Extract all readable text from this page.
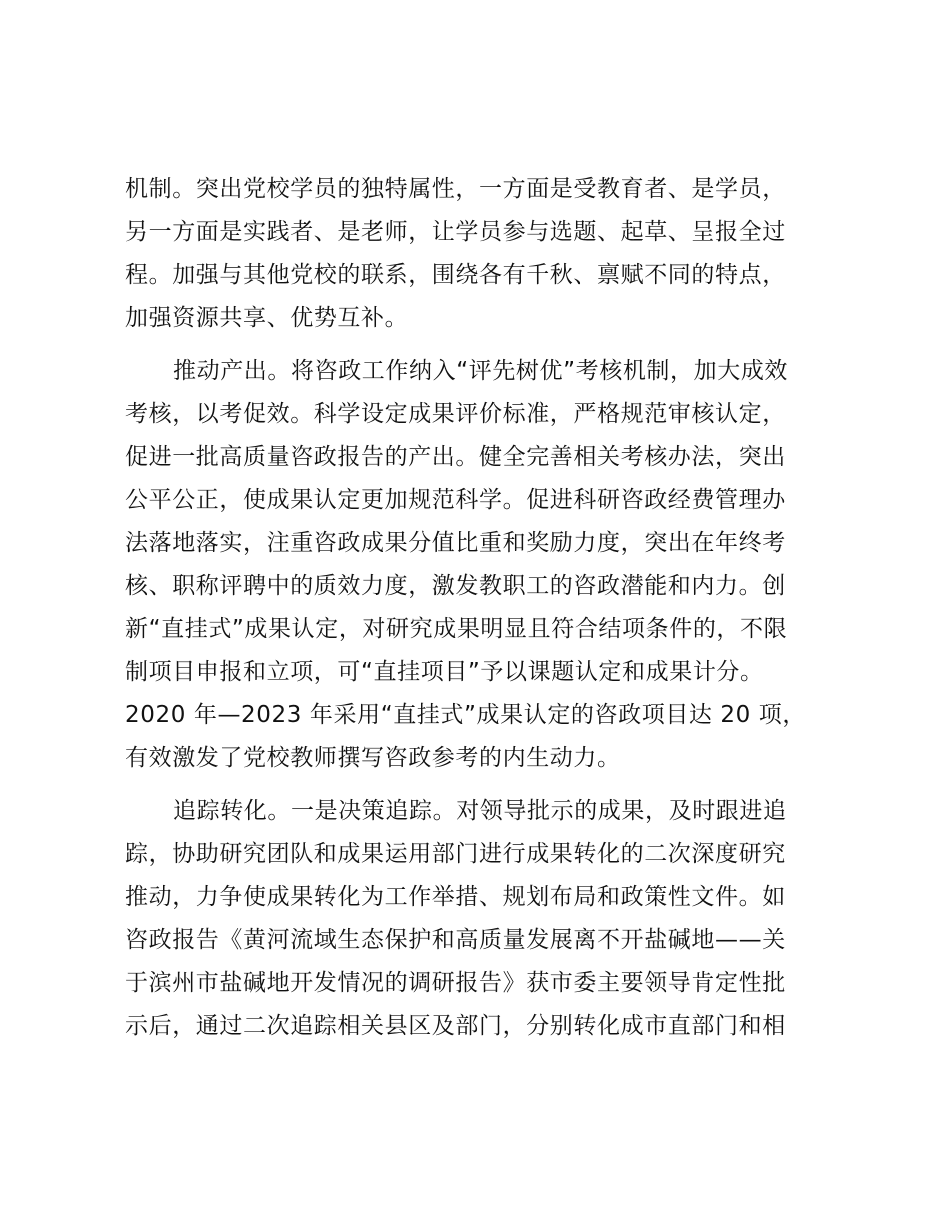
机制。突出党校学员的独特属性，一方面是受教育者、是学员，
另一方面是实践者、是老师，让学员参与选题、起草、呈报全过
程。加强与其他党校的联系，围绕各有千秋、禀赋不同的特点，
加强资源共享、优势互补。

推动产出。将咨政工作纳入“评先树优”考核机制，加大成效
考核，以考促效。科学设定成果评价标准，严格规范审核认定，
促进一批高质量咨政报告的产出。健全完善相关考核办法，突出
公平公正，使成果认定更加规范科学。促进科研咨政经费管理办
法落地落实，注重咨政成果分值比重和奖励力度，突出在年终考
核、职称评聘中的质效力度，激发教职工的咨政潜能和内力。创
新“直挂式”成果认定，对研究成果明显且符合结项条件的，不限
制项目申报和立项，可“直挂项目”予以课题认定和成果计分。
2020 年—2023 年采用“直挂式”成果认定的咨政项目达 20 项，
有效激发了党校教师撰写咨政参考的内生动力。

追踪转化。一是决策追踪。对领导批示的成果，及时跟进追
踪，协助研究团队和成果运用部门进行成果转化的二次深度研究
推动，力争使成果转化为工作举措、规划布局和政策性文件。如
咨政报告《黄河流域生态保护和高质量发展离不开盐碱地——关
于滨州市盐碱地开发情况的调研报告》获市委主要领导肯定性批
示后，通过二次追踪相关县区及部门，分别转化成市直部门和相
